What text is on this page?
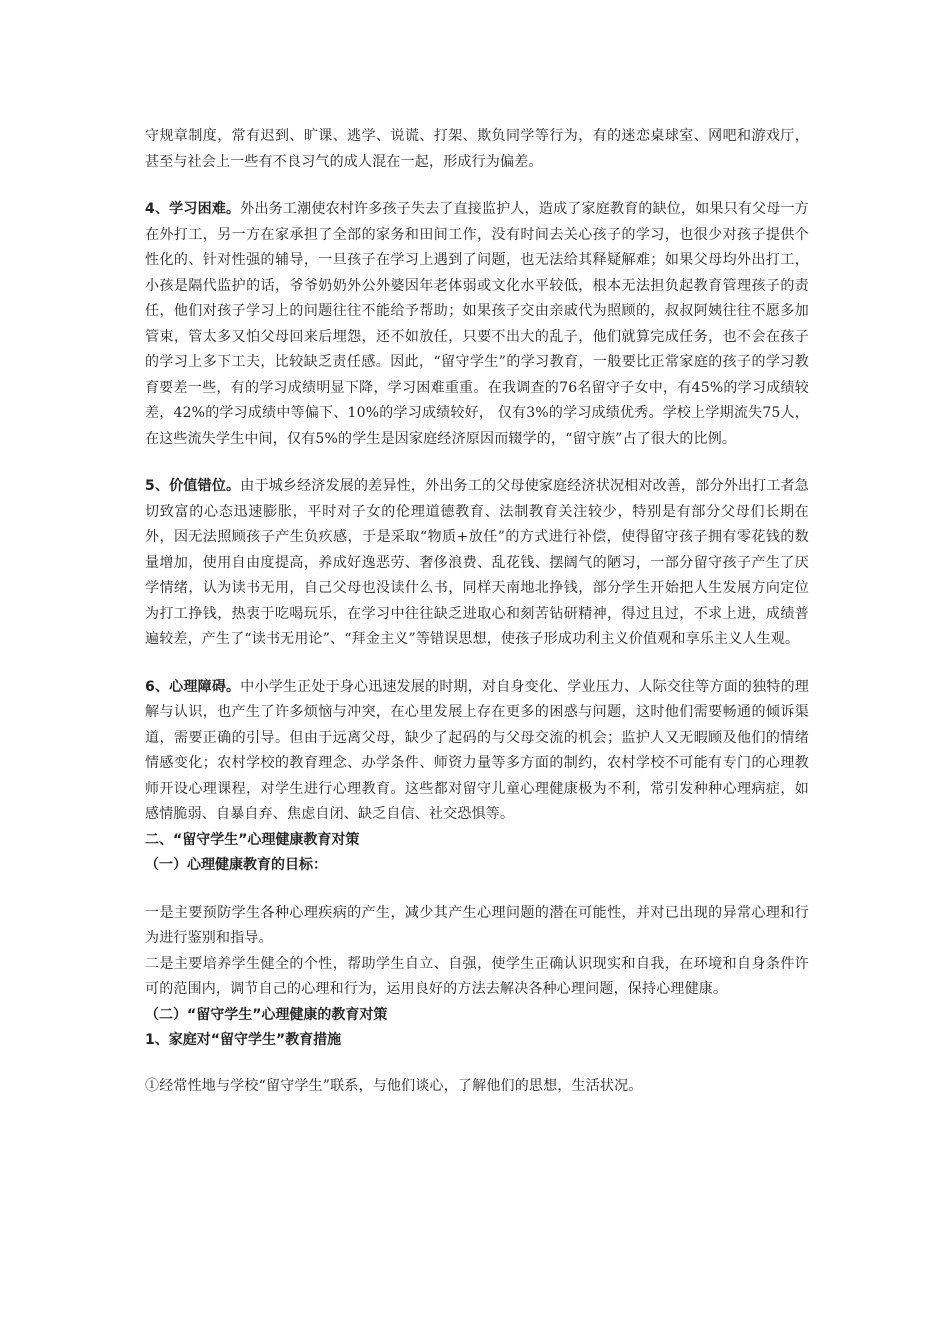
守规章制度，常有迟到、旷课、逃学、说谎、打架、欺负同学等行为，有的迷恋桌球室、网吧和游戏厅，甚至与社会上一些有不良习气的成人混在一起，形成行为偏差。

4、学习困难。外出务工潮使农村许多孩子失去了直接监护人，造成了家庭教育的缺位，如果只有父母一方在外打工，另一方在家承担了全部的家务和田间工作，没有时间去关心孩子的学习，也很少对孩子提供个性化的、针对性强的辅导，一旦孩子在学习上遇到了问题，也无法给其释疑解难；如果父母均外出打工，小孩是隔代监护的话，爷爷奶奶外公外婆因年老体弱或文化水平较低，根本无法担负起教育管理孩子的责任，他们对孩子学习上的问题往往不能给予帮助；如果孩子交由亲戚代为照顾的，叔叔阿姨往往不愿多加管束，管太多又怕父母回来后埋怨，还不如放任，只要不出大的乱子，他们就算完成任务，也不会在孩子的学习上多下工夫，比较缺乏责任感。因此，“留守学生”的学习教育，一般要比正常家庭的孩子的学习教育要差一些，有的学习成绩明显下降，学习困难重重。在我调查的76名留守子女中，有45%的学习成绩较差，42%的学习成绩中等偏下、10%的学习成绩较好， 仅有3%的学习成绩优秀。学校上学期流失75人，在这些流失学生中间，仅有5%的学生是因家庭经济原因而辍学的，“留守族”占了很大的比例。

5、价值错位。由于城乡经济发展的差异性，外出务工的父母使家庭经济状况相对改善，部分外出打工者急切致富的心态迅速膨胀，平时对子女的伦理道德教育、法制教育关注较少，特别是有部分父母们长期在外，因无法照顾孩子产生负疚感，于是采取“物质+放任”的方式进行补偿，使得留守孩子拥有零花钱的数量增加，使用自由度提高，养成好逸恶劳、奢侈浪费、乱花钱、摆阔气的陋习，一部分留守孩子产生了厌学情绪，认为读书无用，自己父母也没读什么书，同样天南地北挣钱，部分学生开始把人生发展方向定位为打工挣钱，热衷于吃喝玩乐，在学习中往往缺乏进取心和刻苦钻研精神，得过且过，不求上进，成绩普遍较差，产生了“读书无用论”、“拜金主义”等错误思想，使孩子形成功利主义价值观和享乐主义人生观。

6、心理障碍。中小学生正处于身心迅速发展的时期，对自身变化、学业压力、人际交往等方面的独特的理解与认识，也产生了许多烦恼与冲突，在心里发展上存在更多的困惑与问题，这时他们需要畅通的倾诉渠道，需要正确的引导。但由于远离父母，缺少了起码的与父母交流的机会；监护人又无暇顾及他们的情绪情感变化；农村学校的教育理念、办学条件、师资力量等多方面的制约，农村学校不可能有专门的心理教师开设心理课程，对学生进行心理教育。这些都对留守儿童心理健康极为不利，常引发种种心理病症，如感情脆弱、自暴自弃、焦虑自闭、缺乏自信、社交恐惧等。

二、“留守学生”心理健康教育对策

（一）心理健康教育的目标：

一是主要预防学生各种心理疾病的产生，减少其产生心理问题的潜在可能性，并对已出现的异常心理和行为进行鉴别和指导。

二是主要培养学生健全的个性，帮助学生自立、自强，使学生正确认识现实和自我，在环境和自身条件许可的范围内，调节自己的心理和行为，运用良好的方法去解决各种心理问题，保持心理健康。

（二）“留守学生”心理健康的教育对策

1、家庭对“留守学生”教育措施

①经常性地与学校“留守学生”联系，与他们谈心，了解他们的思想，生活状况。
